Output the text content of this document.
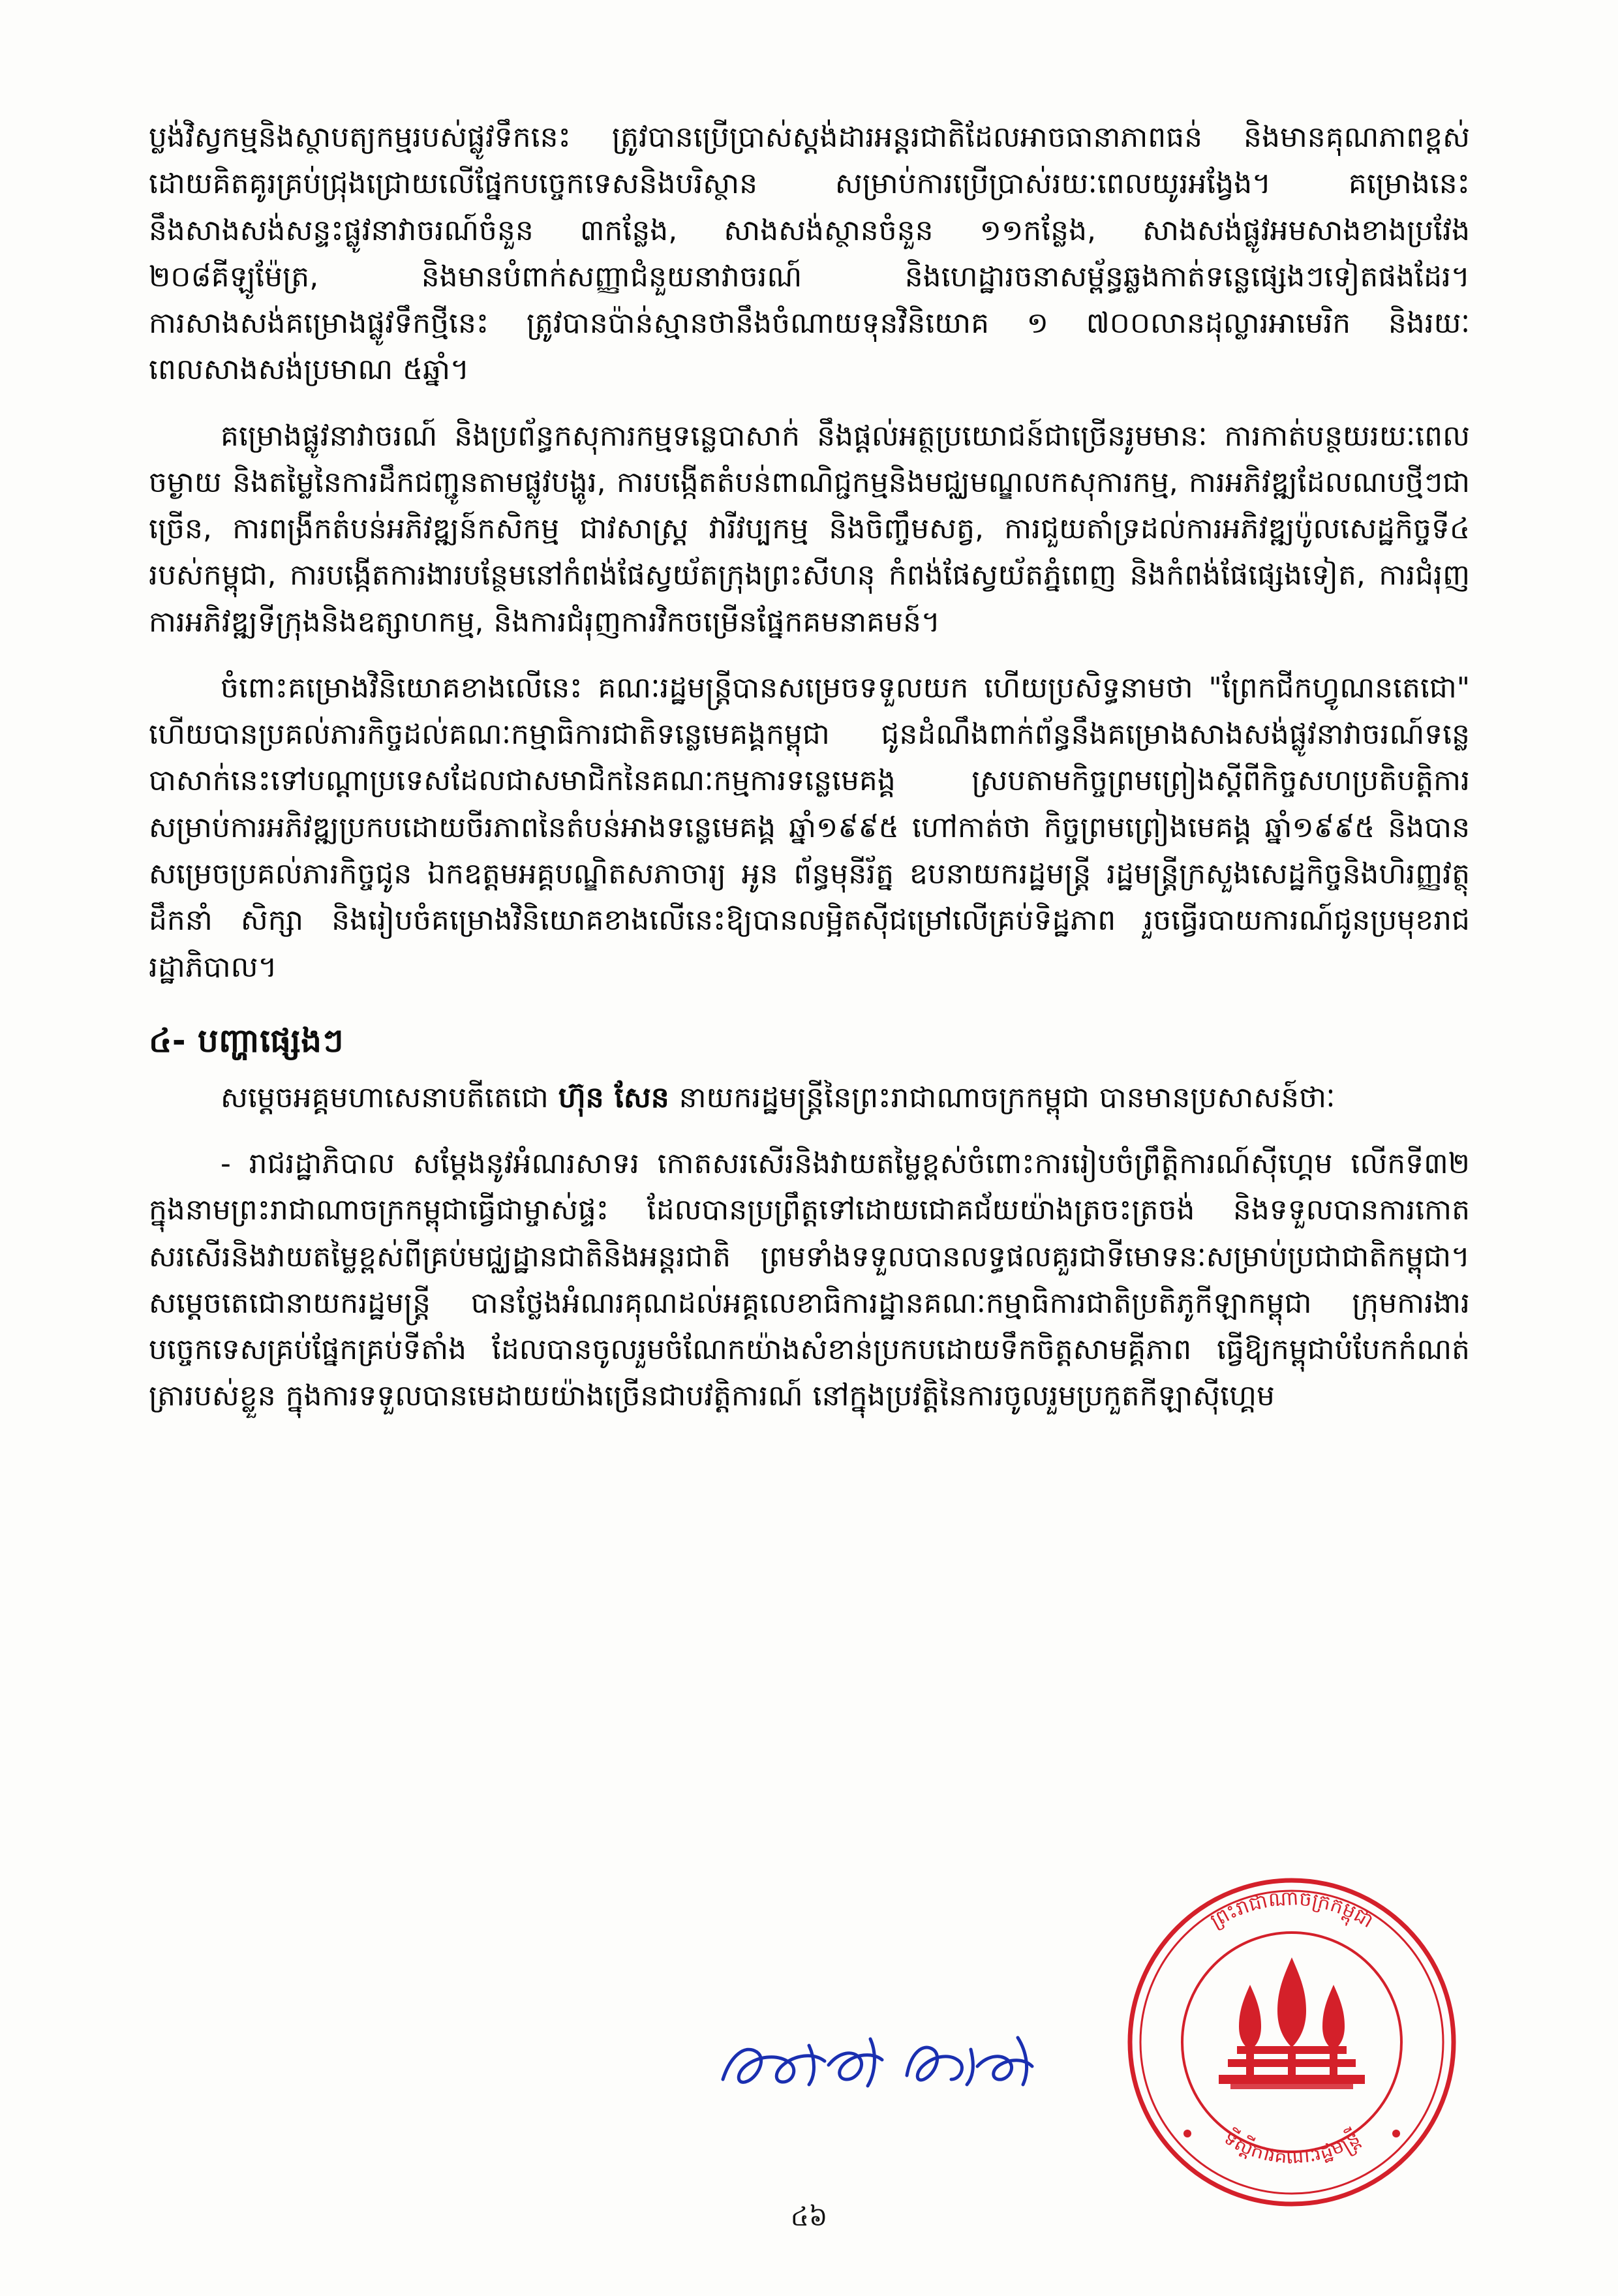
ប្លង់វិស្វកម្មនិងស្ថាបត្យកម្មរបស់ផ្លូវទឹកនេះ ត្រូវបានប្រើប្រាស់ស្តង់ដារអន្តរជាតិដែលអាចធានាភាពធន់ និងមានគុណភាពខ្ពស់ ដោយគិតគូរគ្រប់ជ្រុងជ្រោយលើផ្នែកបច្ចេកទេសនិងបរិស្ថាន សម្រាប់ការប្រើប្រាស់រយៈពេលយូរអង្វែង។ គម្រោងនេះ នឹងសាងសង់សន្ទះផ្លូវនាវាចរណ៍ចំនួន ៣កន្លែង, សាងសង់ស្ថានចំនួន ១១កន្លែង, សាងសង់ផ្លូវអមសាងខាងប្រវែង ២០៨គីឡូម៉ែត្រ, និងមានបំពាក់សញ្ញាជំនួយនាវាចរណ៍ និងហេដ្ឋារចនាសម្ព័ន្ធឆ្លងកាត់ទន្លេផ្សេងៗទៀតផងដែរ។ ការសាងសង់គម្រោងផ្លូវទឹកថ្មីនេះ ត្រូវបានប៉ាន់ស្មានថានឹងចំណាយទុនវិនិយោគ ១ ៧០០លានដុល្លារអាមេរិក និងរយៈពេលសាងសង់ប្រមាណ ៥ឆ្នាំ។

គម្រោងផ្លូវនាវាចរណ៍ និងប្រព័ន្ធកសុការកម្មទន្លេបាសាក់ នឹងផ្តល់អត្ថប្រយោជន៍ជាច្រើនរូមមានៈ ការកាត់បន្ថយរយៈពេល ចម្ងាយ និងតម្លៃនៃការដឹកជញ្ជូនតាមផ្លូវបង្ហូរ, ការបង្កើតតំបន់ពាណិជ្ជកម្មនិងមជ្ឈមណ្ឌលកសុការកម្ម, ការអភិវឌ្ឍដែលណបថ្មីៗជាច្រើន, ការពង្រីកតំបន់អភិវឌ្ឍន៍កសិកម្ម ជាវសាស្ត្រ វារីវប្បកម្ម និងចិញ្ចឹមសត្វ, ការជួយតាំទ្រដល់ការអភិវឌ្ឍប៉ូលសេដ្ឋកិច្ចទី៤ របស់កម្ពុជា, ការបង្កើតការងារបន្ថែមនៅកំពង់ផែស្វយ័តក្រុងព្រះសីហនុ កំពង់ផែស្វយ័តភ្នំពេញ និងកំពង់ផែផ្សេងទៀត, ការជំរុញការអភិវឌ្ឍទីក្រុងនិងឧត្សាហកម្ម, និងការជំរុញការវិកចម្រើនផ្នែកគមនាគមន៍។

ចំពោះគម្រោងវិនិយោគខាងលើនេះ គណៈរដ្ឋមន្ត្រីបានសម្រេចទទួលយក ហើយប្រសិទ្ធនាមថា "ព្រែកជីកហ្វូណនតេជោ" ហើយបានប្រគល់ភារកិច្ចដល់គណៈកម្មាធិការជាតិទន្លេមេគង្គកម្ពុជា ជូនដំណឹងពាក់ព័ន្ធនឹងគម្រោងសាងសង់ផ្លូវនាវាចរណ៍ទន្លេបាសាក់នេះទៅបណ្តាប្រទេសដែលជាសមាជិកនៃគណៈកម្មការទន្លេមេគង្គ ស្របតាមកិច្ចព្រមព្រៀងស្តីពីកិច្ចសហប្រតិបត្តិការសម្រាប់ការអភិវឌ្ឍប្រកបដោយចីរភាពនៃតំបន់អាងទន្លេមេគង្គ ឆ្នាំ១៩៩៥ ហៅកាត់ថា កិច្ចព្រមព្រៀងមេគង្គ ឆ្នាំ១៩៩៥ និងបានសម្រេចប្រគល់ភារកិច្ចជូន ឯកឧត្តមអគ្គបណ្ឌិតសភាចារ្យ អូន ព័ន្ធមុនីរ័ត្ន ឧបនាយករដ្ឋមន្ត្រី រដ្ឋមន្ត្រីក្រសួងសេដ្ឋកិច្ចនិងហិរញ្ញវត្ថុ ដឹកនាំ សិក្សា និងរៀបចំគម្រោងវិនិយោគខាងលើនេះឱ្យបានលម្អិតសុីជម្រៅលើគ្រប់ទិដ្ឋភាព រួចធ្វើរបាយការណ៍ជូនប្រមុខរាជរដ្ឋាភិបាល។

៤- បញ្ហាផ្សេងៗ

សម្តេចអគ្គមហាសេនាបតីតេជោ ហ៊ុន សែន នាយករដ្ឋមន្ត្រីនៃព្រះរាជាណាចក្រកម្ពុជា បានមានប្រសាសន៍ថាៈ

- រាជរដ្ឋាភិបាល សម្តែងនូវអំណរសាទរ កោតសរសើរនិងវាយតម្លៃខ្ពស់ចំពោះការរៀបចំព្រឹត្តិការណ៍សុីហ្គេម លើកទី៣២ ក្នុងនាមព្រះរាជាណាចក្រកម្ពុជាធ្វើជាម្ចាស់ផ្ទះ ដែលបានប្រព្រឹត្តទៅដោយជោគជ័យយ៉ាងត្រចះត្រចង់ និងទទួលបានការកោតសរសើរនិងវាយតម្លៃខ្ពស់ពីគ្រប់មជ្ឈដ្ឋានជាតិនិងអន្តរជាតិ ព្រមទាំងទទួលបានលទ្ធផលគួរជាទីមោទនៈសម្រាប់ប្រជាជាតិកម្ពុជា។ សម្តេចតេជោនាយករដ្ឋមន្ត្រី បានថ្លែងអំណរគុណដល់អគ្គលេខាធិការដ្ឋានគណៈកម្មាធិការជាតិប្រតិភូកីឡាកម្ពុជា ក្រុមការងារបច្ចេកទេសគ្រប់ផ្នែកគ្រប់ទីតាំង ដែលបានចូលរួមចំណែកយ៉ាងសំខាន់ប្រកបដោយទឹកចិត្តសាមគ្គីភាព ធ្វើឱ្យកម្ពុជាបំបែកកំណត់ត្រារបស់ខ្លួន ក្នុងការទទួលបានមេដាយយ៉ាងច្រើនជាបវត្តិការណ៍ នៅក្នុងប្រវត្តិនៃការចូលរួមប្រកួតកីឡាសុីហ្គេម

ព្រះរាជាណាចក្រកម្ពុជា
ទីស្តីការគណៈរដ្ឋមន្ត្រី
៤៦
